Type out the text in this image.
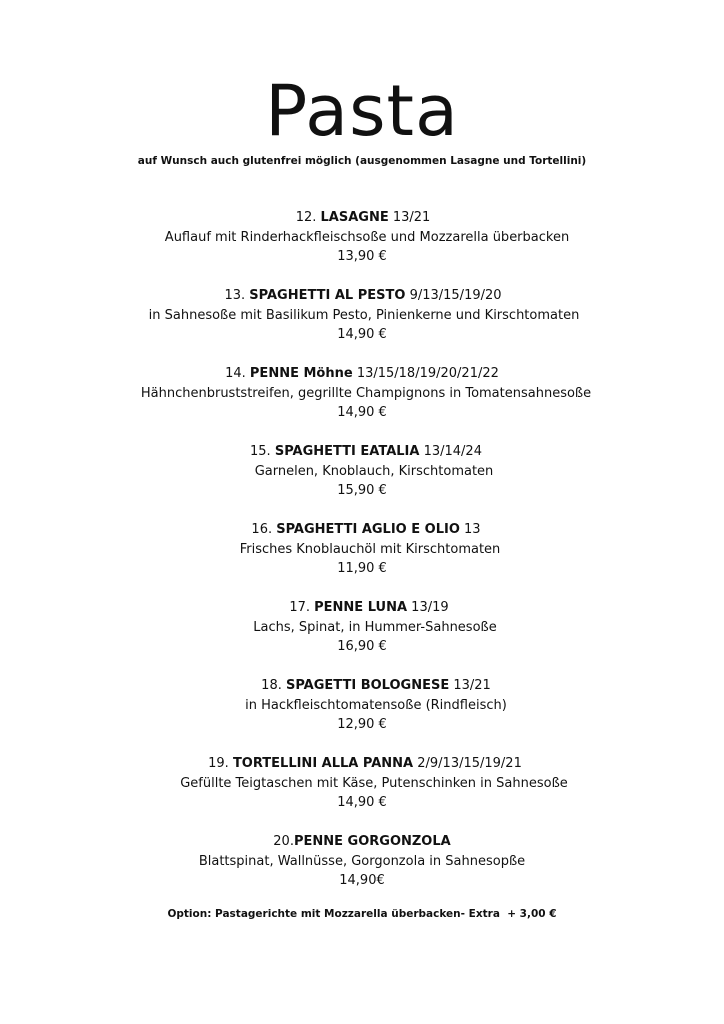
Pasta
auf Wunsch auch glutenfrei möglich (ausgenommen Lasagne und Tortellini)
12. LASAGNE 13/21
Auflauf mit Rinderhackfleischsoße und Mozzarella überbacken
13,90 €
13. SPAGHETTI AL PESTO 9/13/15/19/20
in Sahnesoße mit Basilikum Pesto, Pinienkerne und Kirschtomaten
14,90 €
14. PENNE Möhne 13/15/18/19/20/21/22
Hähnchenbruststreifen, gegrillte Champignons in Tomatensahnesoße
14,90 €
15. SPAGHETTI EATALIA 13/14/24
Garnelen, Knoblauch, Kirschtomaten
15,90 €
16. SPAGHETTI AGLIO E OLIO 13
Frisches Knoblauchöl mit Kirschtomaten
11,90 €
17. PENNE LUNA 13/19
Lachs, Spinat, in Hummer-Sahnesoße
16,90 €
18. SPAGETTI BOLOGNESE 13/21
in Hackfleischtomatensoße (Rindfleisch)
12,90 €
19. TORTELLINI ALLA PANNA 2/9/13/15/19/21
Gefüllte Teigtaschen mit Käse, Putenschinken in Sahnesoße
14,90 €
20.PENNE GORGONZOLA
Blattspinat, Wallnüsse, Gorgonzola in Sahnesopße
14,90€
Option: Pastagerichte mit Mozzarella überbacken- Extra  + 3,00 €
